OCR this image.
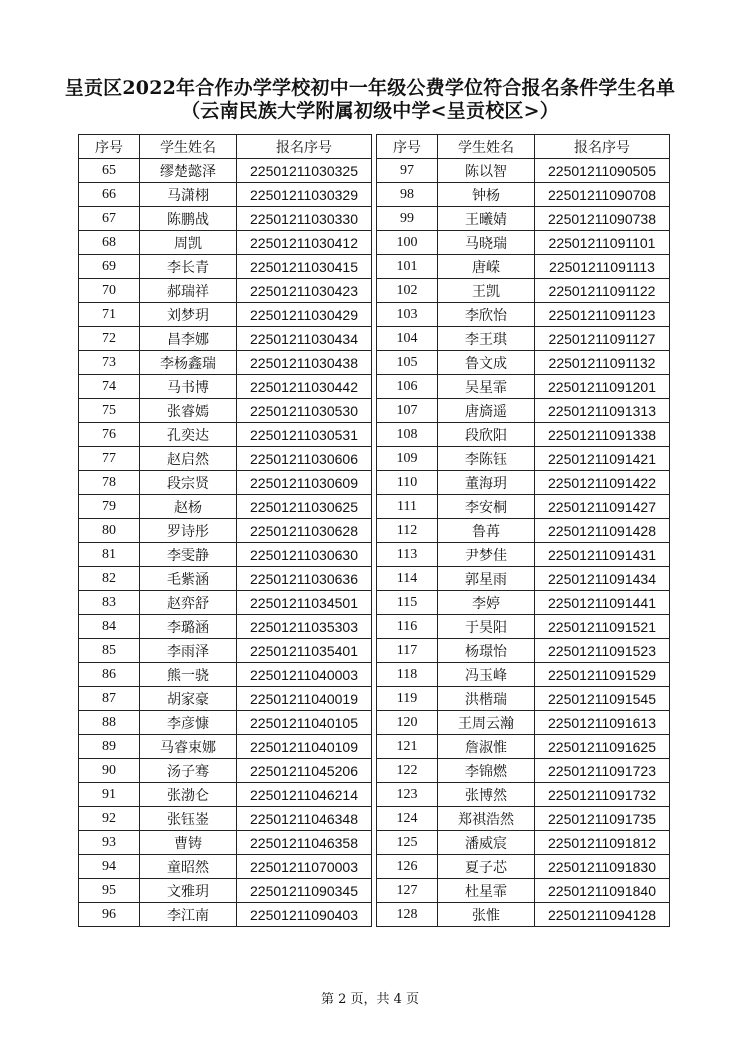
呈贡区2022年合作办学学校初中一年级公费学位符合报名条件学生名单
（云南民族大学附属初级中学<呈贡校区>）
序号	学生姓名	报名序号
65	缪楚懿泽	22501211030325
66	马潇栩	22501211030329
67	陈鹏战	22501211030330
68	周凯	22501211030412
69	李长青	22501211030415
70	郝瑞祥	22501211030423
71	刘梦玥	22501211030429
72	昌李娜	22501211030434
73	李杨鑫瑞	22501211030438
74	马书博	22501211030442
75	张睿嫣	22501211030530
76	孔奕达	22501211030531
77	赵启然	22501211030606
78	段宗贤	22501211030609
79	赵杨	22501211030625
80	罗诗彤	22501211030628
81	李雯静	22501211030630
82	毛紫涵	22501211030636
83	赵弈舒	22501211034501
84	李璐涵	22501211035303
85	李雨泽	22501211035401
86	熊一骁	22501211040003
87	胡家豪	22501211040019
88	李彦慷	22501211040105
89	马睿束娜	22501211040109
90	汤子骞	22501211045206
91	张渤仑	22501211046214
92	张钰崟	22501211046348
93	曹铸	22501211046358
94	童昭然	22501211070003
95	文雅玥	22501211090345
96	李江南	22501211090403
序号	学生姓名	报名序号
97	陈以智	22501211090505
98	钟杨	22501211090708
99	王曦婧	22501211090738
100	马晓瑞	22501211091101
101	唐嵘	22501211091113
102	王凯	22501211091122
103	李欣怡	22501211091123
104	李王琪	22501211091127
105	鲁文成	22501211091132
106	吴星霏	22501211091201
107	唐旖遥	22501211091313
108	段欣阳	22501211091338
109	李陈钰	22501211091421
110	董海玥	22501211091422
111	李安桐	22501211091427
112	鲁苒	22501211091428
113	尹梦佳	22501211091431
114	郭星雨	22501211091434
115	李婷	22501211091441
116	于昊阳	22501211091521
117	杨璟怡	22501211091523
118	冯玉峰	22501211091529
119	洪楷瑞	22501211091545
120	王周云瀚	22501211091613
121	詹淑惟	22501211091625
122	李锦燃	22501211091723
123	张博然	22501211091732
124	郑祺浩然	22501211091735
125	潘威宸	22501211091812
126	夏子芯	22501211091830
127	杜星霏	22501211091840
128	张惟	22501211094128
第 2 页，共 4 页
